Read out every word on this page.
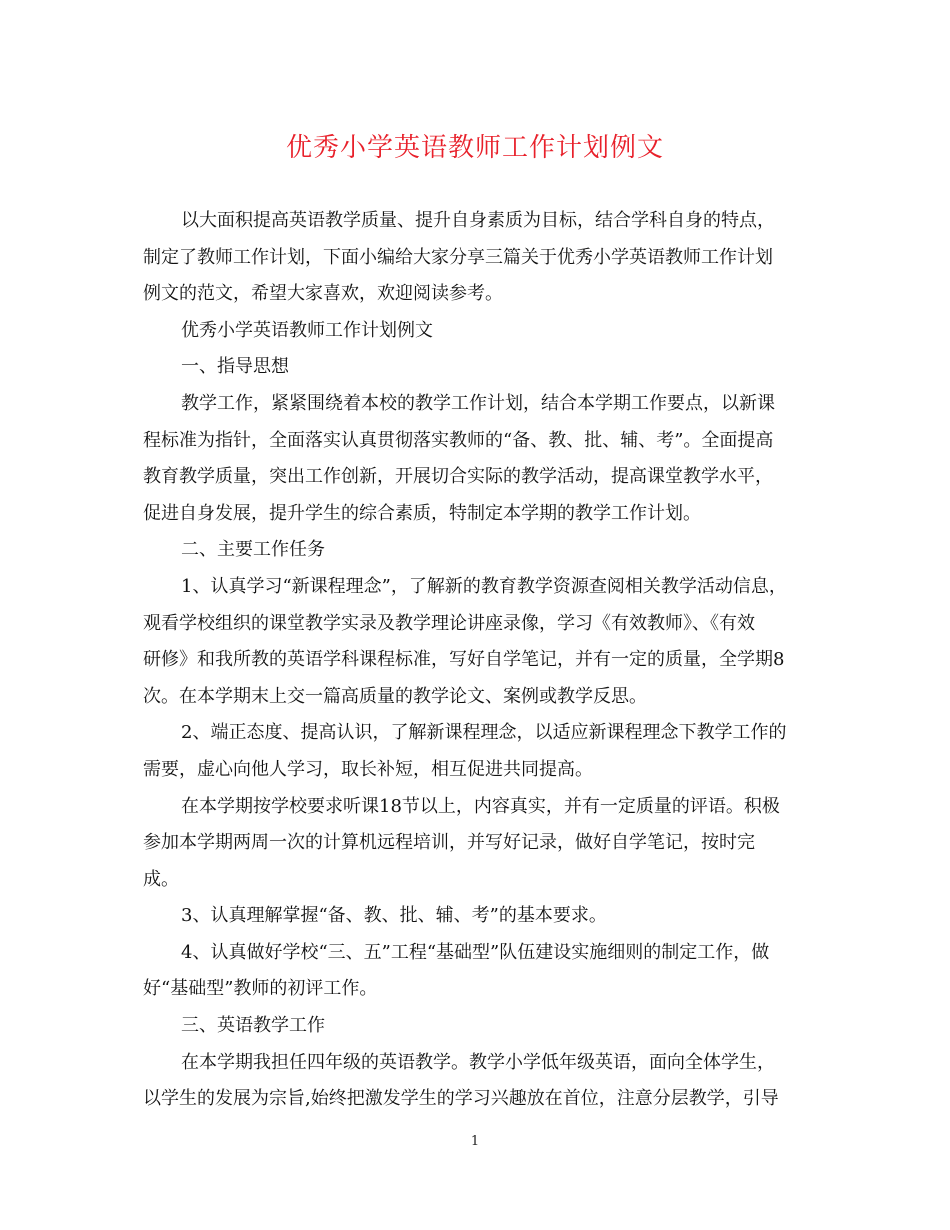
优秀小学英语教师工作计划例文
以大面积提高英语教学质量、提升自身素质为目标，结合学科自身的特点，
制定了教师工作计划，下面小编给大家分享三篇关于优秀小学英语教师工作计划
例文的范文，希望大家喜欢，欢迎阅读参考。
优秀小学英语教师工作计划例文
一、指导思想
教学工作，紧紧围绕着本校的教学工作计划，结合本学期工作要点，以新课
程标准为指针，全面落实认真贯彻落实教师的“备、教、批、辅、考”。全面提高
教育教学质量，突出工作创新，开展切合实际的教学活动，提高课堂教学水平，
促进自身发展，提升学生的综合素质，特制定本学期的教学工作计划。
二、主要工作任务
1、认真学习“新课程理念”，了解新的教育教学资源查阅相关教学活动信息，
观看学校组织的课堂教学实录及教学理论讲座录像，学习《有效教师》、《有效
研修》和我所教的英语学科课程标准，写好自学笔记，并有一定的质量，全学期8
次。在本学期末上交一篇高质量的教学论文、案例或教学反思。
2、端正态度、提高认识，了解新课程理念，以适应新课程理念下教学工作的
需要，虚心向他人学习，取长补短，相互促进共同提高。
在本学期按学校要求听课18节以上，内容真实，并有一定质量的评语。积极
参加本学期两周一次的计算机远程培训，并写好记录，做好自学笔记，按时完
成。
3、认真理解掌握“备、教、批、辅、考”的基本要求。
4、认真做好学校“三、五”工程“基础型”队伍建设实施细则的制定工作，做
好“基础型”教师的初评工作。
三、英语教学工作
在本学期我担任四年级的英语教学。教学小学低年级英语，面向全体学生，
以学生的发展为宗旨,始终把激发学生的学习兴趣放在首位，注意分层教学，引导
1
